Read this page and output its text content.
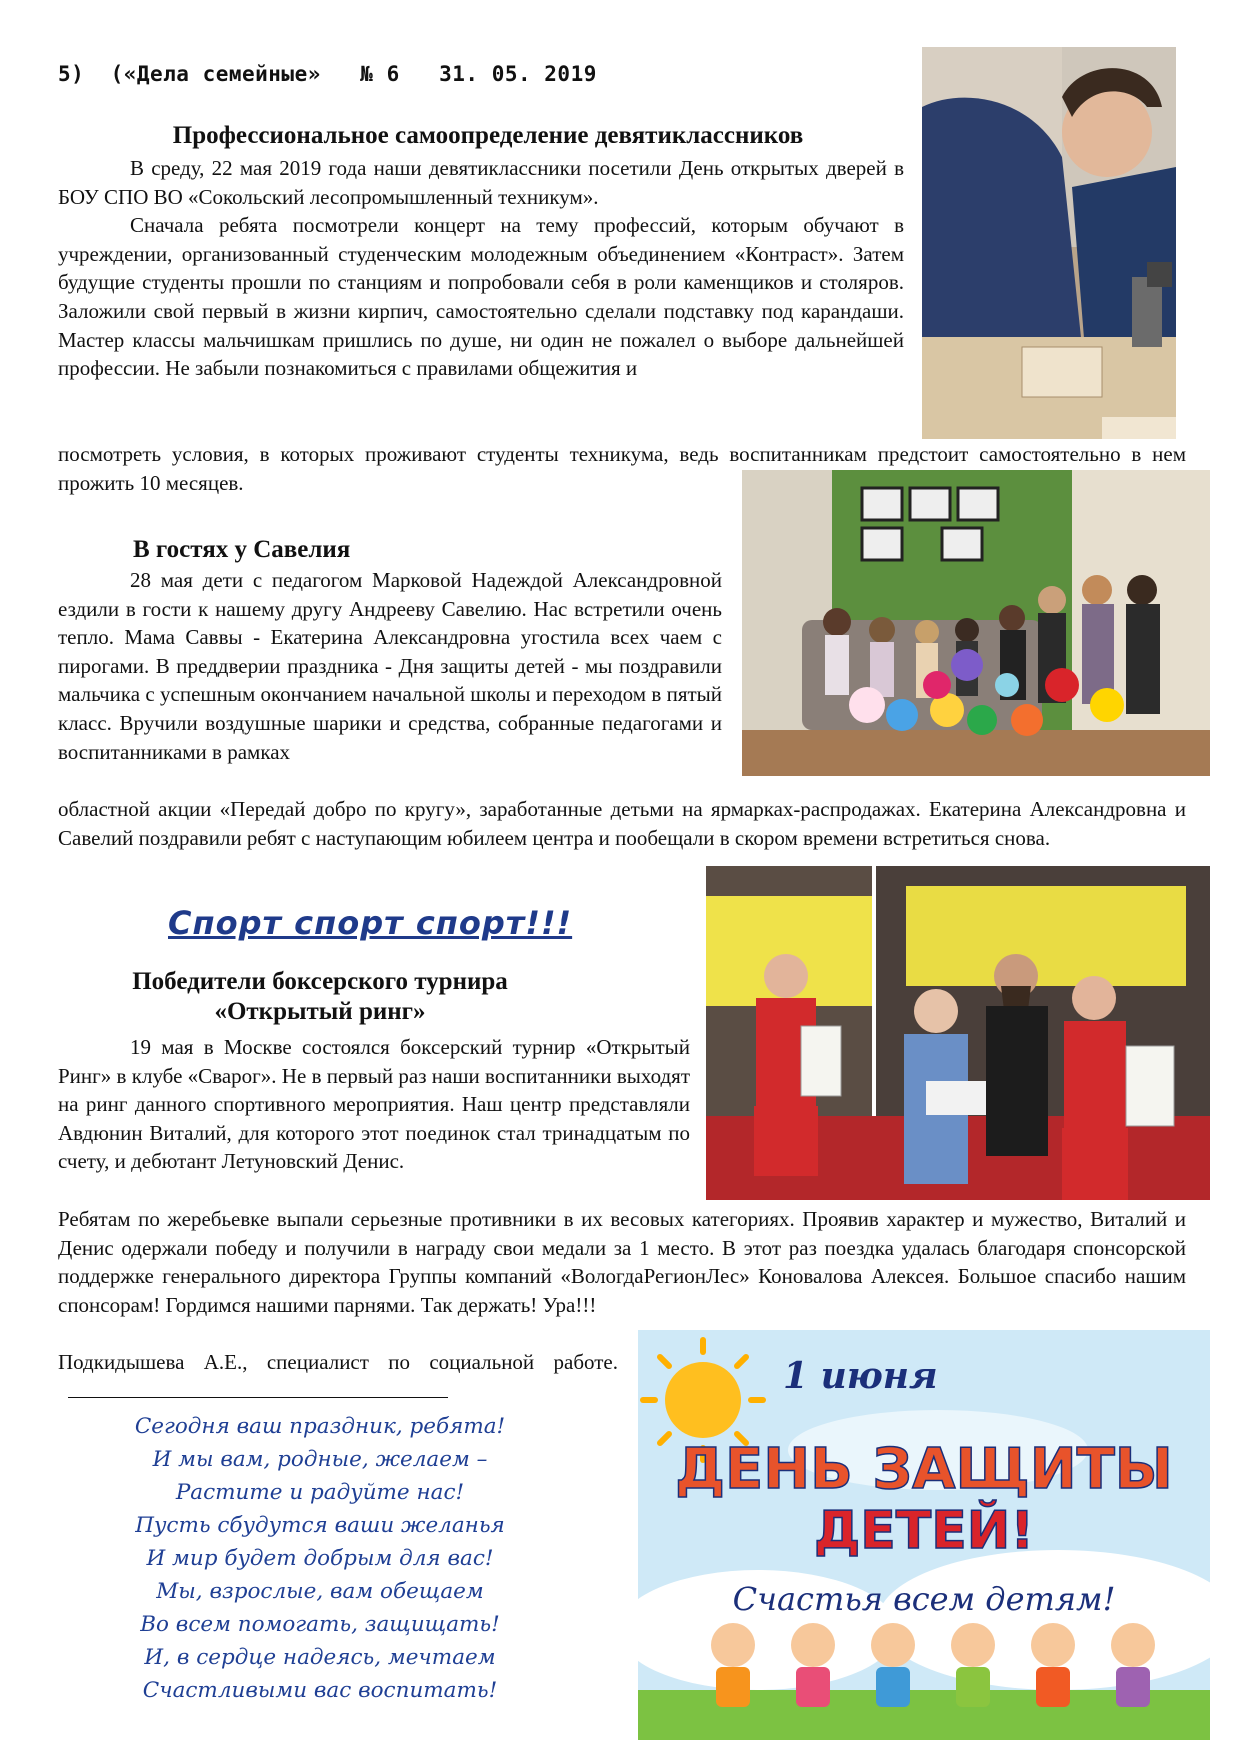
5)  («Дела семейные»   № 6   31. 05. 2019
Профессиональное самоопределение девятиклассников

В среду, 22 мая 2019 года наши девятиклассники посетили День открытых дверей в БОУ СПО ВО «Сокольский лесопромышленный техникум».

Сначала ребята посмотрели концерт на тему профессий, которым обучают в учреждении, организованный студенческим молодежным объединением «Контраст». Затем будущие студенты прошли по станциям и попробовали себя в роли каменщиков и столяров. Заложили свой первый в жизни кирпич, самостоятельно сделали подставку под карандаши. Мастер классы мальчишкам пришлись по душе, ни один не пожалел о выборе дальнейшей профессии. Не забыли познакомиться с правилами общежития и

посмотреть условия, в которых проживают студенты техникума, ведь воспитанникам предстоит самостоятельно в нем прожить 10 месяцев.

В гостях у Савелия

28 мая дети с педагогом Марковой Надеждой Александровной ездили в гости к нашему другу Андрееву Савелию. Нас встретили очень тепло. Мама Саввы - Екатерина Александровна угостила всех чаем с пирогами. В преддверии праздника - Дня защиты детей - мы поздравили мальчика с успешным окончанием начальной школы и переходом в пятый класс. Вручили воздушные шарики и средства, собранные педагогами и воспитанниками в рамках

областной акции «Передай добро по кругу», заработанные детьми на ярмарках-распродажах. Екатерина Александровна и Савелий поздравили ребят с наступающим юбилеем центра и пообещали в скором времени встретиться снова.

Спорт спорт спорт!!!
Победители боксерского турнира
«Открытый ринг»

19 мая в Москве состоялся боксерский турнир «Открытый Ринг» в клубе «Сварог». Не в первый раз наши воспитанники выходят на ринг данного спортивного мероприятия. Наш центр представляли Авдюнин Виталий, для которого этот поединок стал тринадцатым по счету, и дебютант Летуновский Денис.

Ребятам по жеребьевке выпали серьезные противники в их весовых категориях. Проявив характер и мужество, Виталий и Денис одержали победу и получили в награду свои медали за 1 место. В этот раз поездка удалась благодаря спонсорской поддержке генерального директора Группы компаний «ВологдаРегионЛес» Коновалова Алексея. Большое спасибо нашим спонсорам! Гордимся нашими парнями. Так держать! Ура!!!

Подкидышева А.Е., специалист по социальной работе.

Сегодня ваш праздник, ребята!
И мы вам, родные, желаем –
Растите и радуйте нас!
Пусть сбудутся ваши желанья
И мир будет добрым для вас!
Мы, взрослые, вам обещаем
Во всем помогать, защищать!
И, в сердце надеясь, мечтаем
Счастливыми вас воспитать!
1 июня
ДЕНЬ ЗАЩИТЫ
ДЕТЕЙ!
Счастья всем детям!
